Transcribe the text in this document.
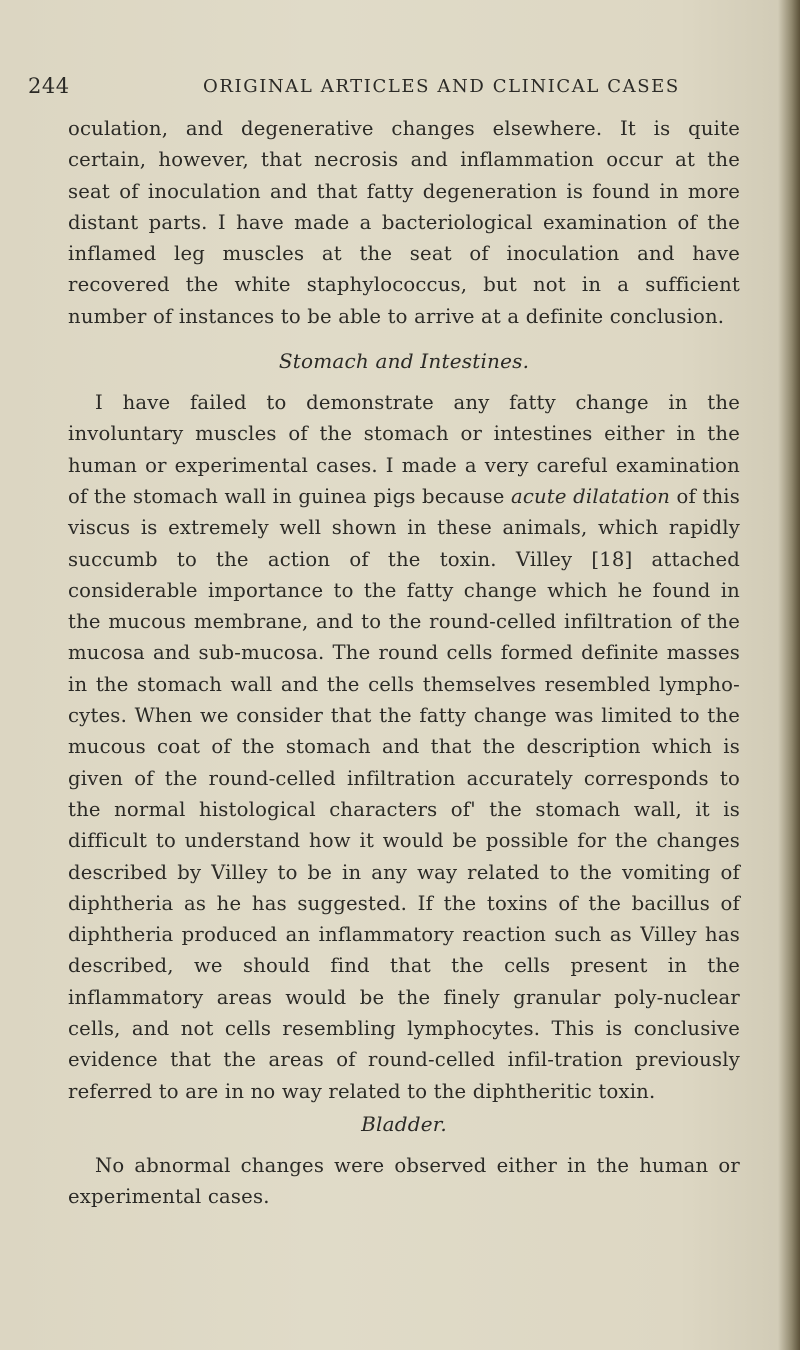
244	ORIGINAL ARTICLES AND CLINICAL CASES

oculation, and degenerative changes elsewhere. It is quite certain, however, that necrosis and inflammation occur at the seat of inoculation and that fatty degeneration is found in more distant parts. I have made a bacteriological examination of the inflamed leg muscles at the seat of inoculation and have recovered the white staphylococcus, but not in a sufficient number of instances to be able to arrive at a definite conclusion.

Stomach and Intestines.

I have failed to demonstrate any fatty change in the involuntary muscles of the stomach or intestines either in the human or experimental cases. I made a very careful examination of the stomach wall in guinea pigs because acute dilatation of this viscus is extremely well shown in these animals, which rapidly succumb to the action of the toxin. Villey [18] attached considerable importance to the fatty change which he found in the mucous membrane, and to the round-celled infiltration of the mucosa and sub-mucosa. The round cells formed definite masses in the stomach wall and the cells themselves resembled lympho-cytes. When we consider that the fatty change was limited to the mucous coat of the stomach and that the description which is given of the round-celled infiltration accurately corresponds to the normal histological characters of' the stomach wall, it is difficult to understand how it would be possible for the changes described by Villey to be in any way related to the vomiting of diphtheria as he has suggested. If the toxins of the bacillus of diphtheria produced an inflammatory reaction such as Villey has described, we should find that the cells present in the inflammatory areas would be the finely granular poly-nuclear cells, and not cells resembling lymphocytes. This is conclusive evidence that the areas of round-celled infil-tration previously referred to are in no way related to the diphtheritic toxin.

Bladder.

No abnormal changes were observed either in the human or experimental cases.
